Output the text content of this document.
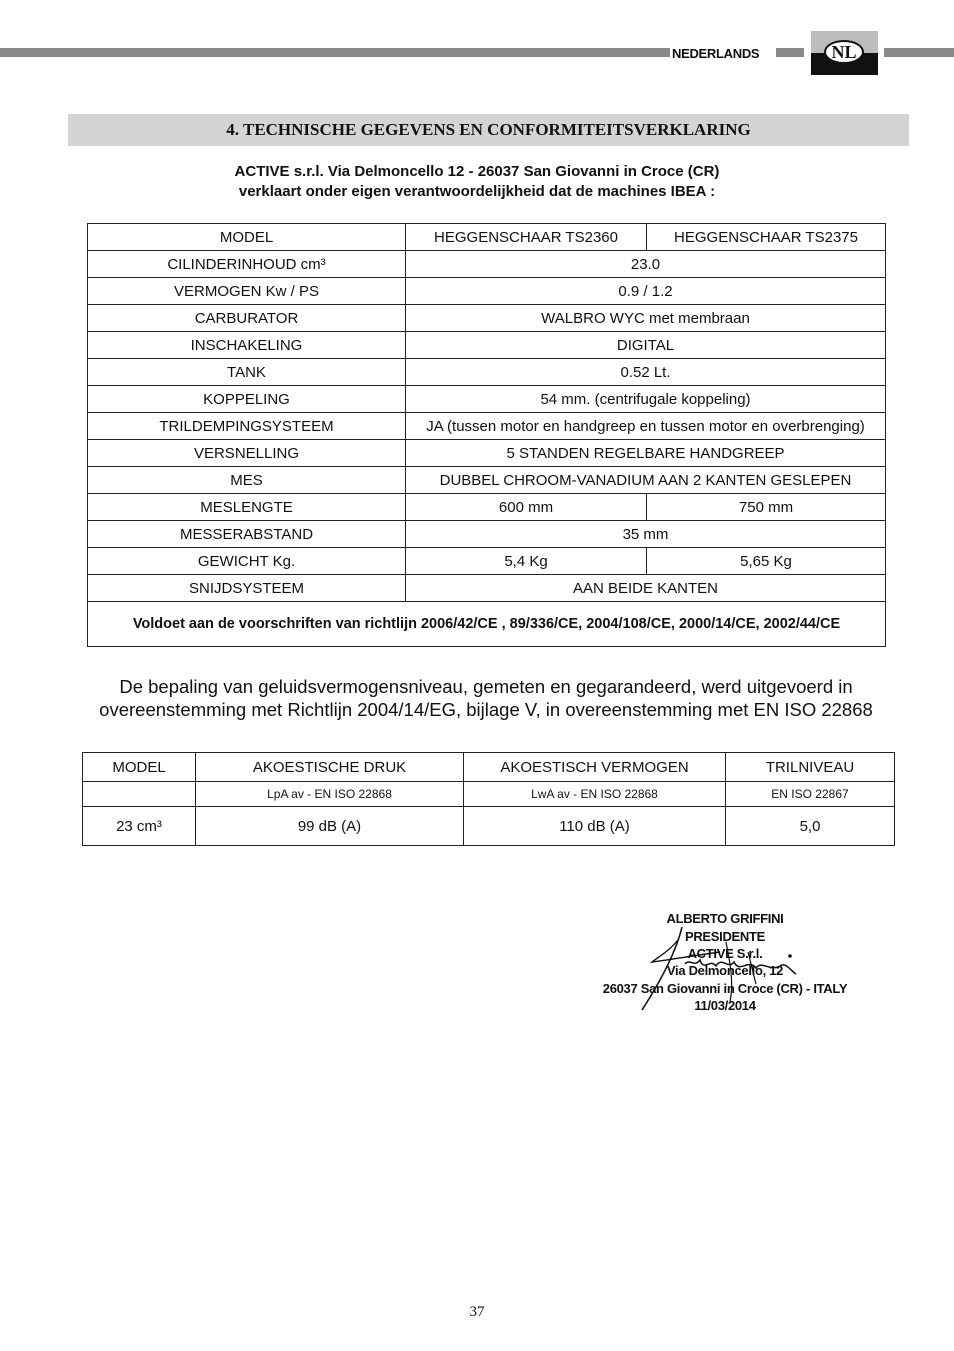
NEDERLANDS	NL
4. TECHNISCHE GEGEVENS EN CONFORMITEITSVERKLARING
ACTIVE s.r.l. Via Delmoncello 12 - 26037 San Giovanni in Croce (CR)
verklaart onder eigen verantwoordelijkheid dat de machines IBEA :
MODEL	HEGGENSCHAAR TS2360	HEGGENSCHAAR TS2375
CILINDERINHOUD cm³	23.0	
VERMOGEN Kw / PS	0.9 / 1.2	
CARBURATOR	WALBRO WYC met membraan	
INSCHAKELING	DIGITAL	
TANK	0.52 Lt.	
KOPPELING	54 mm. (centrifugale koppeling)	
TRILDEMPINGSYSTEEM	JA (tussen motor en handgreep en tussen motor en overbrenging)	
VERSNELLING	5 STANDEN REGELBARE HANDGREEP	
MES	DUBBEL CHROOM-VANADIUM AAN 2 KANTEN GESLEPEN	
MESLENGTE	600 mm	750 mm
MESSERABSTAND	35 mm	
GEWICHT Kg.	5,4 Kg	5,65 Kg
SNIJDSYSTEEM	AAN BEIDE KANTEN	
Voldoet aan de voorschriften van richtlijn 2006/42/CE , 89/336/CE, 2004/108/CE, 2000/14/CE, 2002/44/CE		
De bepaling van geluidsvermogensniveau, gemeten en gegarandeerd, werd uitgevoerd in
overeenstemming met Richtlijn 2004/14/EG, bijlage V, in overeenstemming met EN ISO 22868
MODEL	AKOESTISCHE DRUK	AKOESTISCH VERMOGEN	TRILNIVEAU
	LpA av - EN ISO 22868	LwA av - EN ISO 22868	EN ISO 22867
23 cm³	99 dB (A)	110 dB (A)	5,0
ALBERTO GRIFFINI
PRESIDENTE
ACTIVE S.r.l.
Via Delmoncello, 12
26037 San Giovanni in Croce (CR) - ITALY
11/03/2014
37
